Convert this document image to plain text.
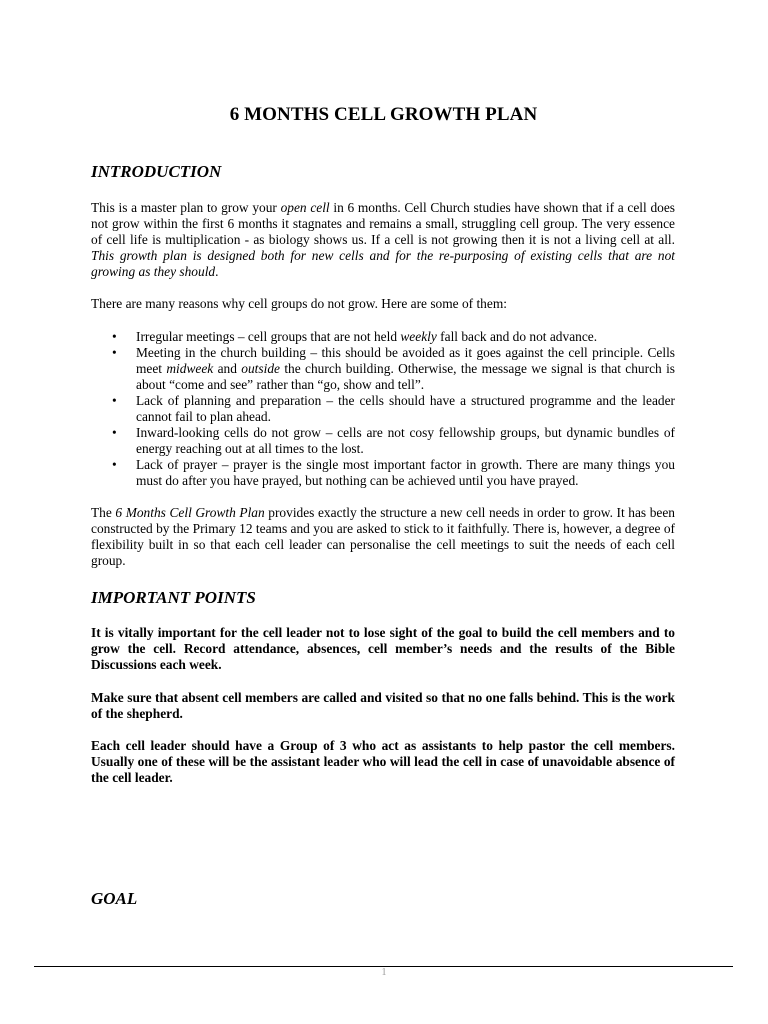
6 MONTHS CELL GROWTH PLAN
INTRODUCTION

This is a master plan to grow your open cell in 6 months. Cell Church studies have shown that if a cell does not grow within the first 6 months it stagnates and remains a small, struggling cell group. The very essence of cell life is multiplication - as biology shows us. If a cell is not growing then it is not a living cell at all. This growth plan is designed both for new cells and for the re-purposing of existing cells that are not growing as they should.

There are many reasons why cell groups do not grow. Here are some of them:

• Irregular meetings – cell groups that are not held weekly fall back and do not advance.
• Meeting in the church building – this should be avoided as it goes against the cell principle. Cells meet midweek and outside the church building. Otherwise, the message we signal is that church is about “come and see” rather than “go, show and tell”.
• Lack of planning and preparation – the cells should have a structured programme and the leader cannot fail to plan ahead.
• Inward-looking cells do not grow – cells are not cosy fellowship groups, but dynamic bundles of energy reaching out at all times to the lost.
• Lack of prayer – prayer is the single most important factor in growth. There are many things you must do after you have prayed, but nothing can be achieved until you have prayed.

The 6 Months Cell Growth Plan provides exactly the structure a new cell needs in order to grow. It has been constructed by the Primary 12 teams and you are asked to stick to it faithfully. There is, however, a degree of flexibility built in so that each cell leader can personalise the cell meetings to suit the needs of each cell group.

IMPORTANT POINTS

It is vitally important for the cell leader not to lose sight of the goal to build the cell members and to grow the cell. Record attendance, absences, cell member’s needs and the results of the Bible Discussions each week.

Make sure that absent cell members are called and visited so that no one falls behind. This is the work of the shepherd.

Each cell leader should have a Group of 3 who act as assistants to help pastor the cell members. Usually one of these will be the assistant leader who will lead the cell in case of unavoidable absence of the cell leader.

GOAL
1
